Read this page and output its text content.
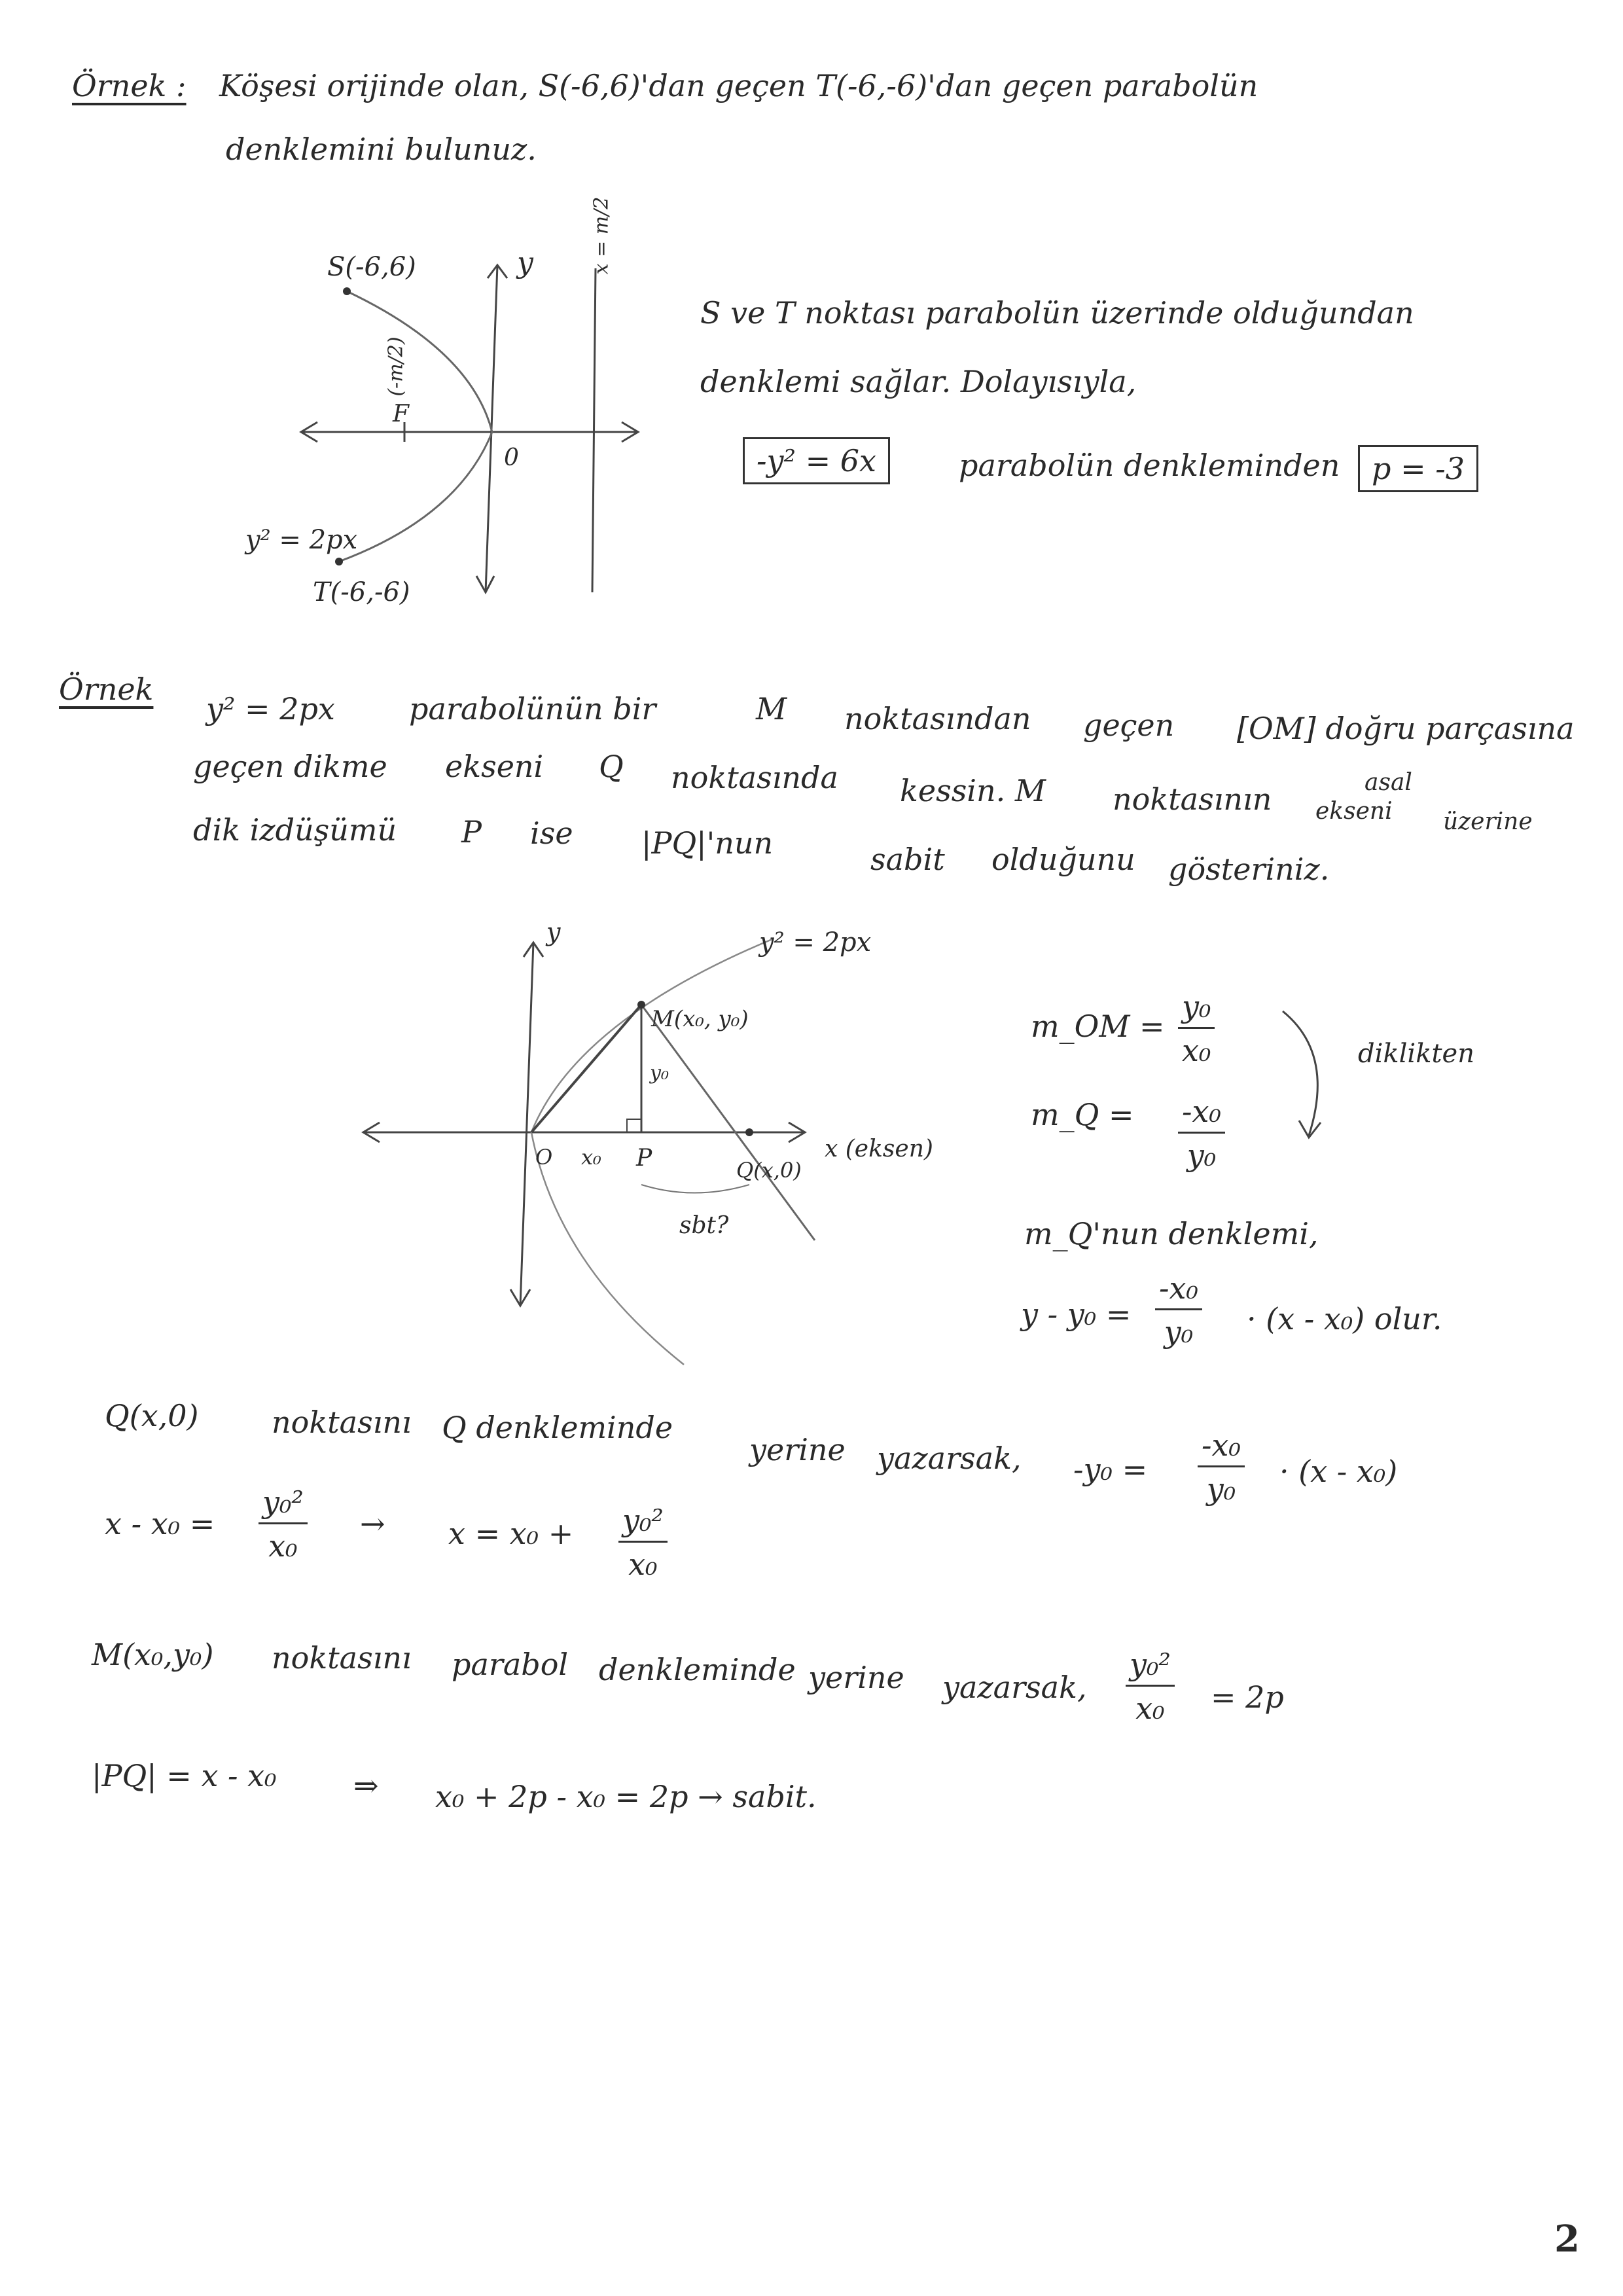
Örnek : Köşesi orijinde olan, S(-6,6)'dan geçen T(-6,-6)'dan geçen parabolün
denklemini bulunuz.
S(-6,6)
T(-6,-6)
y
0
F
(-m/2)
x = m/2
y² = 2px
S ve T noktası parabolün üzerinde olduğundan
denklemi sağlar. Dolayısıyla,
-y² = 6x	parabolün denkleminden	p = -3
Örnek
y² = 2px parabolünün bir	M noktasından geçen [OM] doğru parçasına
geçen dikme ekseni Q noktasında kessin. M noktasının	asal
ekseni üzerine
dik izdüşümü P ise |PQ|'nun	sabit olduğunu gösteriniz.
y	y² = 2px
M(x₀, y₀)
y₀
O x₀ P	Q(x,0)
x (eksen)
sbt?
m_OM = $\frac{\text{y₀}}{\text{x₀}}$	diklikten
m_Q = $\frac{\text{-x₀}}{\text{y₀}}$
m_Q'nun denklemi,
$y - y_0 = \frac{\text{-x₀}}{\text{y₀}} \cdot (x - x_0)$ olur.
Q(x,0) noktasını Q denkleminde
yerine yazarsak, $-y_0 = \frac{\text{-x₀}}{\text{y₀}} \cdot (x - x_0)$
$x - x_0 = \frac{\text{y₀²}}{\text{x₀}} \to x = x_0 + \frac{\text{y₀²}}{\text{x₀}}$
M(x₀,y₀) noktasını parabol denkleminde yerine yazarsak, $\frac{\text{y₀²}}{\text{x₀}} = 2p$
|PQ| = x - x₀	⇒ x₀ + 2p - x₀ = 2p → sabit.
2
